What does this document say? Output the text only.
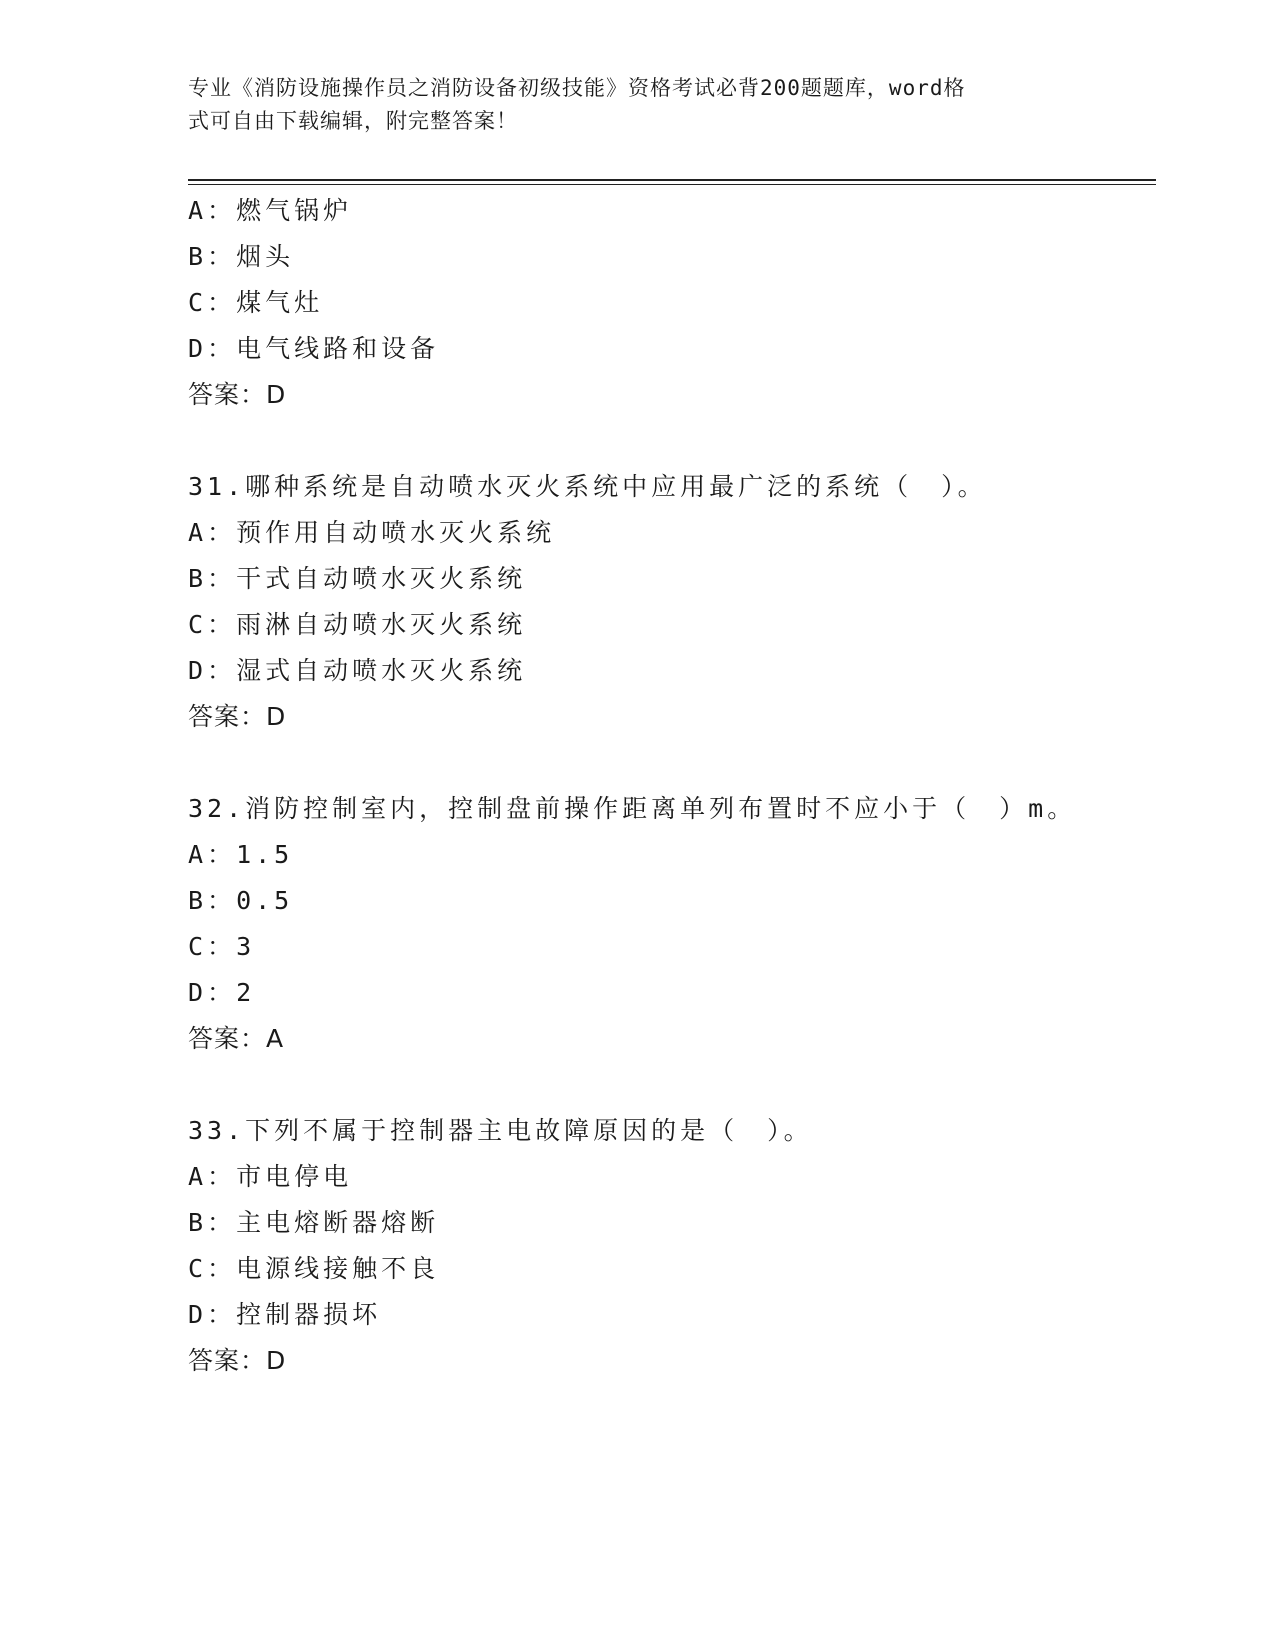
专业《消防设施操作员之消防设备初级技能》资格考试必背200题题库，word格
式可自由下载编辑，附完整答案！
A：燃气锅炉
B：烟头
C：煤气灶
D：电气线路和设备
答案：D
31.哪种系统是自动喷水灭火系统中应用最广泛的系统（　）。
A：预作用自动喷水灭火系统
B：干式自动喷水灭火系统
C：雨淋自动喷水灭火系统
D：湿式自动喷水灭火系统
答案：D
32.消防控制室内，控制盘前操作距离单列布置时不应小于（　）m。
A：1.5
B：0.5
C：3
D：2
答案：A
33.下列不属于控制器主电故障原因的是（　）。
A：市电停电
B：主电熔断器熔断
C：电源线接触不良
D：控制器损坏
答案：D
